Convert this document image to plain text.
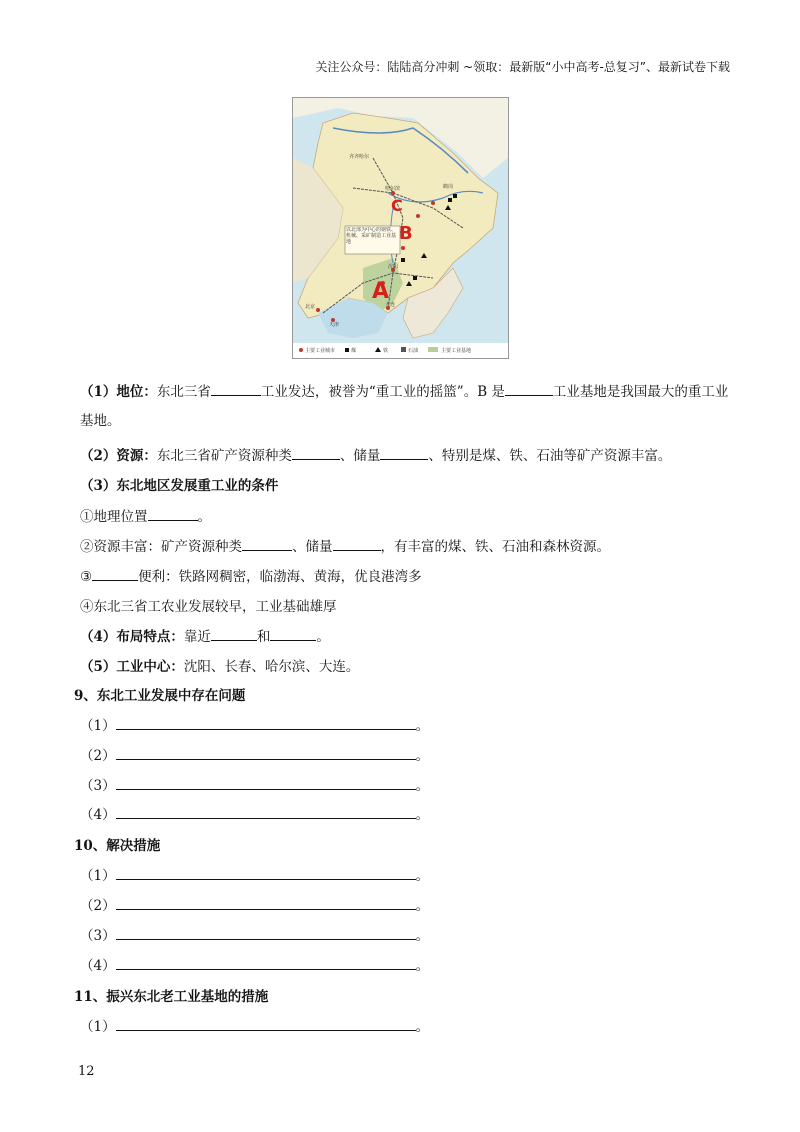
关注公众号：陆陆高分冲刺 ~领取：最新版“小中高考-总复习”、最新试卷下载
哈尔滨
沈阳
大连
北京
天津
齐齐哈尔
鹤岗
以北部为中心的钢铁、机械、采矿制造工业基地
C
B
A
主要工业城市	煤	铁	石油	主要工业基地
（1）地位：东北三省	工业发达，被誉为“重工业的摇篮”。B 是	工业基地是我国最大的重工业基地。
（2）资源：东北三省矿产资源种类	、储量	、特别是煤、铁、石油等矿产资源丰富。
（3）东北地区发展重工业的条件
①地理位置	。
②资源丰富：矿产资源种类	、储量	，有丰富的煤、铁、石油和森林资源。
③	便利：铁路网稠密，临渤海、黄海，优良港湾多
④东北三省工农业发展较早，工业基础雄厚
（4）布局特点：靠近	和	。
（5）工业中心：沈阳、长春、哈尔滨、大连。
9、东北工业发展中存在问题
（1）	。
（2）	。
（3）	。
（4）	。
10、解决措施
（1）	。
（2）	。
（3）	。
（4）	。
11、振兴东北老工业基地的措施
（1）	。
12
